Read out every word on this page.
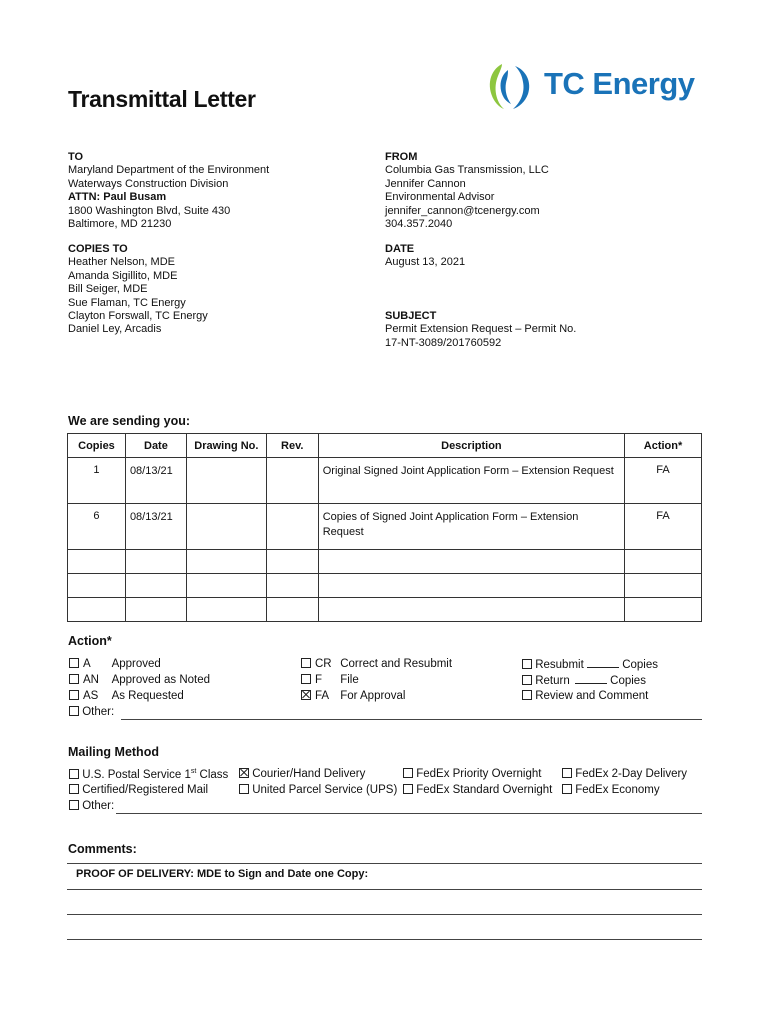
Transmittal Letter	TC Energy
TO
Maryland Department of the Environment
Waterways Construction Division
ATTN: Paul Busam
1800 Washington Blvd, Suite 430
Baltimore, MD 21230
FROM
Columbia Gas Transmission, LLC
Jennifer Cannon
Environmental Advisor
jennifer_cannon@tcenergy.com
304.357.2040
COPIES TO
Heather Nelson, MDE
Amanda Sigillito, MDE
Bill Seiger, MDE
Sue Flaman, TC Energy
Clayton Forswall, TC Energy
Daniel Ley, Arcadis
DATE
August 13, 2021
SUBJECT
Permit Extension Request – Permit No.
17-NT-3089/201760592
We are sending you:
Copies	Date	Drawing No.	Rev.	Description	Action*
1	08/13/21			Original Signed Joint Application Form – Extension Request	FA
6	08/13/21			Copies of Signed Joint Application Form – Extension Request	FA

Action*
A Approved
AN Approved as Noted
AS As Requested
Other:
CR Correct and Resubmit
F File
FA For Approval
Resubmit	Copies
Return	Copies
Review and Comment
Mailing Method
U.S. Postal Service 1st Class
Certified/Registered Mail
Other:
Courier/Hand Delivery
United Parcel Service (UPS)
FedEx Priority Overnight
FedEx Standard Overnight
FedEx 2-Day Delivery
FedEx Economy
Comments:
PROOF OF DELIVERY: MDE to Sign and Date one Copy:
